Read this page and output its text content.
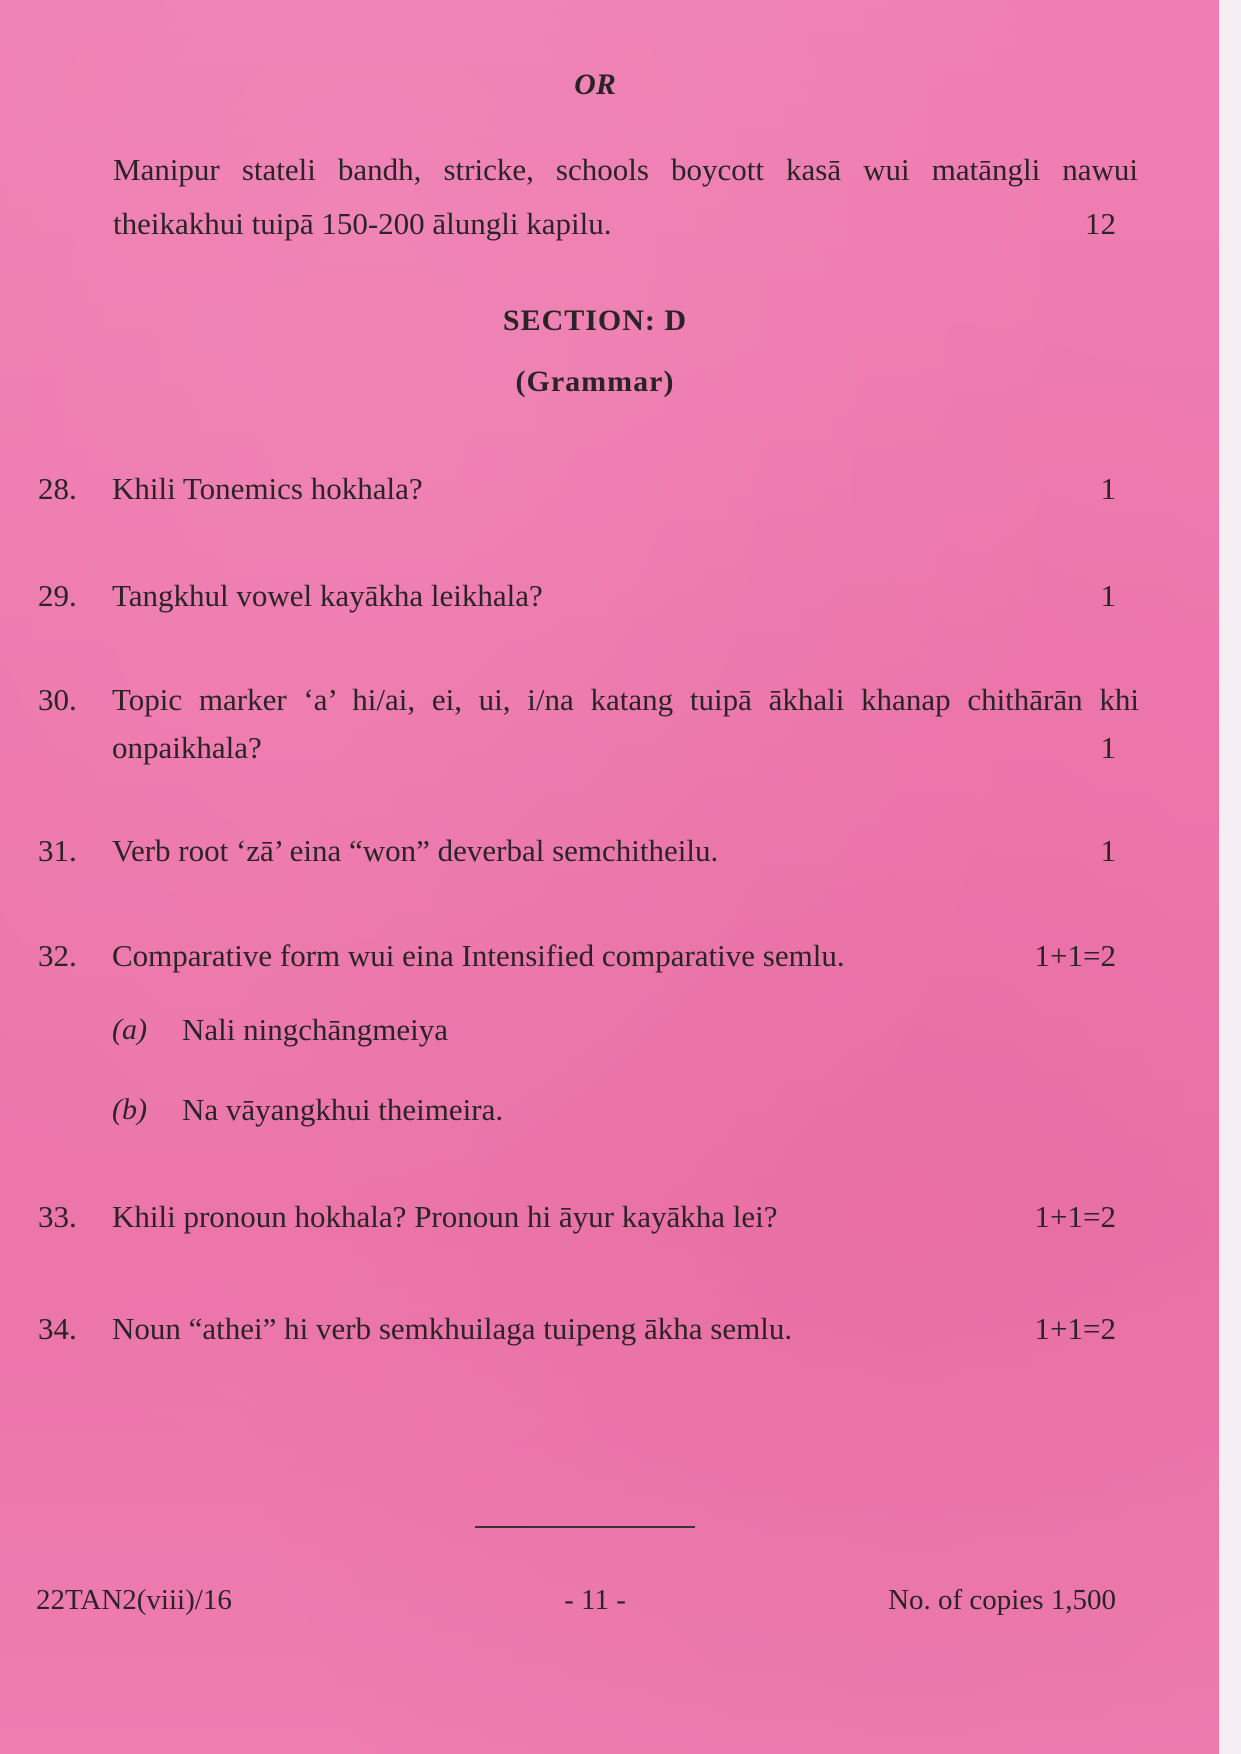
OR
Manipur stateli bandh, stricke, schools boycott kasā wui matāngli nawui
theikakhui tuipā 150-200 ālungli kapilu.	12
SECTION: D
(Grammar)
28. Khili Tonemics hokhala?	1
29. Tangkhul vowel kayākha leikhala?	1
30. Topic marker ‘a’ hi/ai, ei, ui, i/na katang tuipā ākhali khanap chithārān khi
onpaikhala?	1
31. Verb root ‘zā’ eina “won” deverbal semchitheilu.	1
32. Comparative form wui eina Intensified comparative semlu.	1+1=2
(a) Nali ningchāngmeiya
(b) Na vāyangkhui theimeira.
33. Khili pronoun hokhala? Pronoun hi āyur kayākha lei?	1+1=2
34. Noun “athei” hi verb semkhuilaga tuipeng ākha semlu.	1+1=2
22TAN2(viii)/16	- 11 -	No. of copies 1,500
